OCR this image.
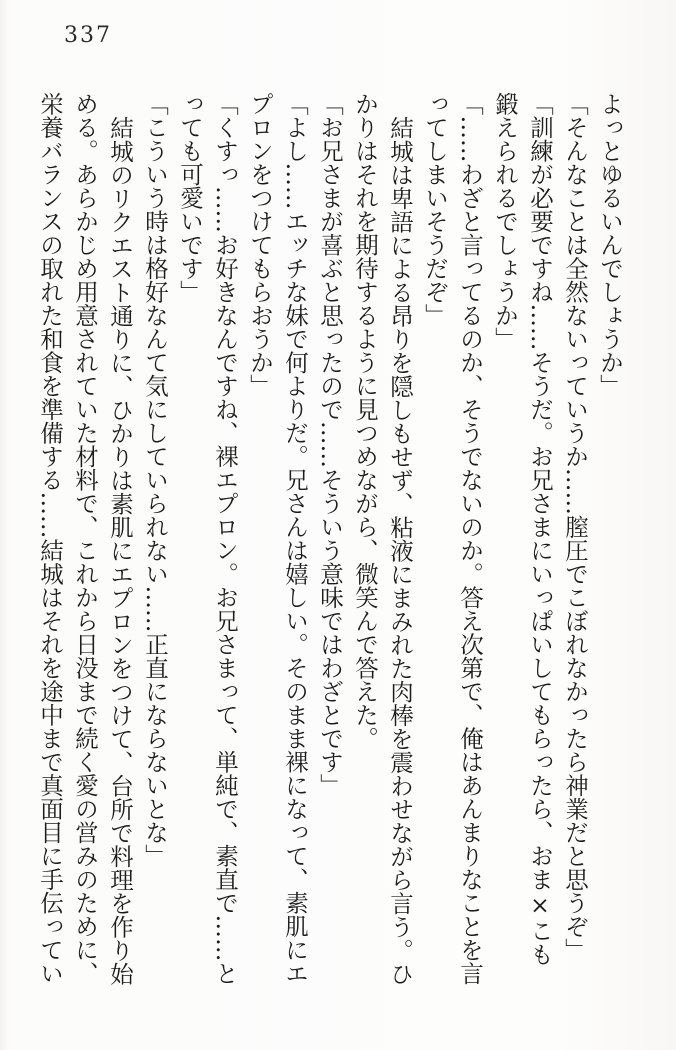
337

よっとゆるいんでしょうか」

「そんなことは全然ないっていうか……膣圧でこぼれなかったら神業だと思うぞ」

「訓練が必要ですね……そうだ。お兄さまにいっぱいしてもらったら、おま×こも鍛えられるでしょうか」

「……わざと言ってるのか、そうでないのか。答え次第で、俺はあんまりなことを言ってしまいそうだぞ」

結城は卑語による昂りを隠しもせず、粘液にまみれた肉棒を震わせながら言う。ひかりはそれを期待するように見つめながら、微笑んで答えた。

「お兄さまが喜ぶと思ったので……そういう意味ではわざとです」

「よし……エッチな妹で何よりだ。兄さんは嬉しい。そのまま裸になって、素肌にエプロンをつけてもらおうか」

「くすっ……お好きなんですね、裸エプロン。お兄さまって、単純で、素直で……とっても可愛いです」

「こういう時は格好なんて気にしていられない……正直にならないとな」

結城のリクエスト通りに、ひかりは素肌にエプロンをつけて、台所で料理を作り始める。あらかじめ用意されていた材料で、これから日没まで続く愛の営みのために、栄養バランスの取れた和食を準備する……結城はそれを途中まで真面目に手伝ってい
